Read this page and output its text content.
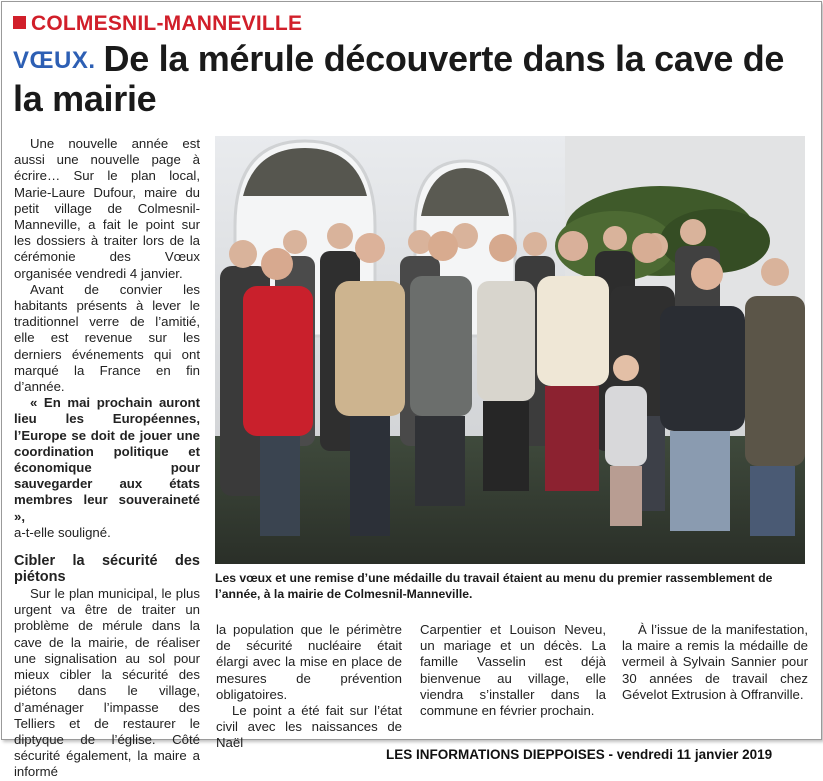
COLMESNIL-MANNEVILLE
VŒUX. De la mérule découverte dans la cave de la mairie

Une nouvelle année est aussi une nouvelle page à écrire… Sur le plan local, Marie-Laure Dufour, maire du petit village de Colmesnil-Manneville, a fait le point sur les dossiers à traiter lors de la cérémonie des Vœux organisée vendredi 4 janvier.

Avant de convier les habitants présents à lever le traditionnel verre de l’amitié, elle est revenue sur les derniers événements qui ont marqué la France en fin d’année.

« En mai prochain auront lieu les Européennes, l’Europe se doit de jouer une coordination politique et économique pour sauvegarder aux états membres leur souveraineté »,

a-t-elle souligné.

Cibler la sécurité des piétons

Sur le plan municipal, le plus urgent va être de traiter un problème de mérule dans la cave de la mairie, de réaliser une signalisation au sol pour mieux cibler la sécurité des piétons dans le village, d’aménager l’impasse des Telliers et de restaurer le diptyque de l’église. Côté sécurité également, la maire a informé

Les vœux et une remise d’une médaille du travail étaient au menu du premier rassemblement de l’année, à la mairie de Colmesnil-Manneville.

la population que le périmètre de sécurité nucléaire était élargi avec la mise en place de mesures de prévention obligatoires.

Le point a été fait sur l’état civil avec les naissances de Naël

Carpentier et Louison Neveu, un mariage et un décès. La famille Vasselin est déjà bienvenue au village, elle viendra s’installer dans la commune en février prochain.

À l’issue de la manifestation, la maire a remis la médaille de vermeil à Sylvain Sannier pour 30 années de travail chez Gévelot Extrusion à Offranville.

LES INFORMATIONS DIEPPOISES - vendredi 11 janvier 2019
